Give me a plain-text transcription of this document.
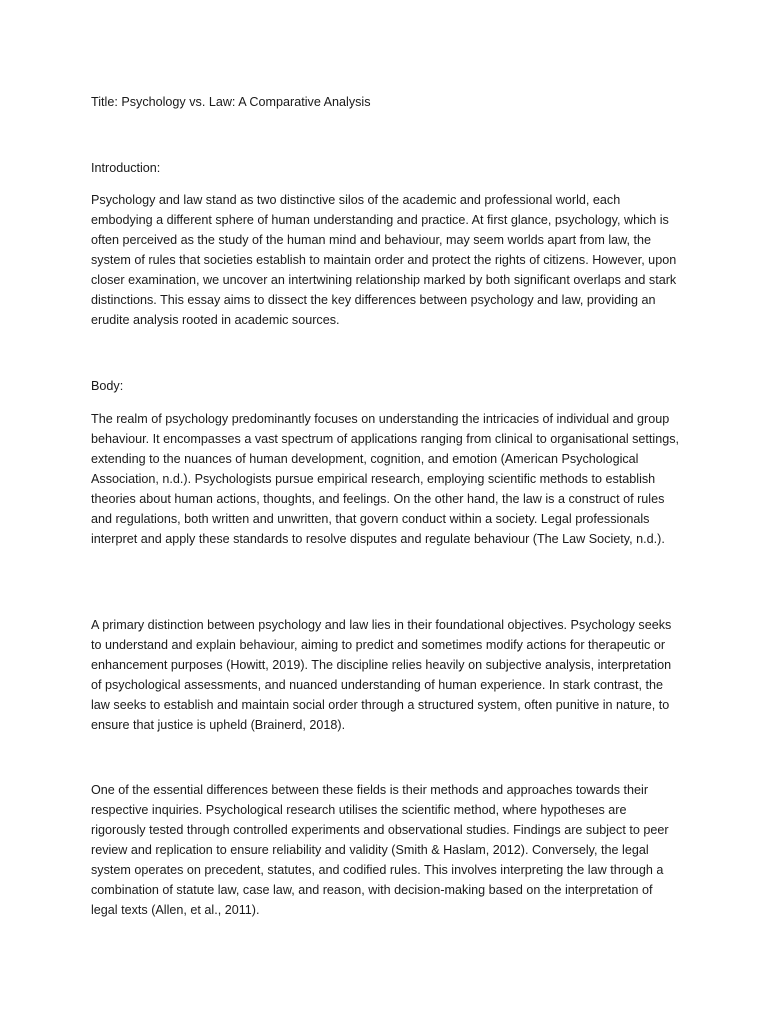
Title: Psychology vs. Law: A Comparative Analysis

Introduction:

Psychology and law stand as two distinctive silos of the academic and professional world, each embodying a different sphere of human understanding and practice. At first glance, psychology, which is often perceived as the study of the human mind and behaviour, may seem worlds apart from law, the system of rules that societies establish to maintain order and protect the rights of citizens. However, upon closer examination, we uncover an intertwining relationship marked by both significant overlaps and stark distinctions. This essay aims to dissect the key differences between psychology and law, providing an erudite analysis rooted in academic sources.

Body:

The realm of psychology predominantly focuses on understanding the intricacies of individual and group behaviour. It encompasses a vast spectrum of applications ranging from clinical to organisational settings, extending to the nuances of human development, cognition, and emotion (American Psychological Association, n.d.). Psychologists pursue empirical research, employing scientific methods to establish theories about human actions, thoughts, and feelings. On the other hand, the law is a construct of rules and regulations, both written and unwritten, that govern conduct within a society. Legal professionals interpret and apply these standards to resolve disputes and regulate behaviour (The Law Society, n.d.).

A primary distinction between psychology and law lies in their foundational objectives. Psychology seeks to understand and explain behaviour, aiming to predict and sometimes modify actions for therapeutic or enhancement purposes (Howitt, 2019). The discipline relies heavily on subjective analysis, interpretation of psychological assessments, and nuanced understanding of human experience. In stark contrast, the law seeks to establish and maintain social order through a structured system, often punitive in nature, to ensure that justice is upheld (Brainerd, 2018).

One of the essential differences between these fields is their methods and approaches towards their respective inquiries. Psychological research utilises the scientific method, where hypotheses are rigorously tested through controlled experiments and observational studies. Findings are subject to peer review and replication to ensure reliability and validity (Smith & Haslam, 2012). Conversely, the legal system operates on precedent, statutes, and codified rules. This involves interpreting the law through a combination of statute law, case law, and reason, with decision-making based on the interpretation of legal texts (Allen, et al., 2011).
